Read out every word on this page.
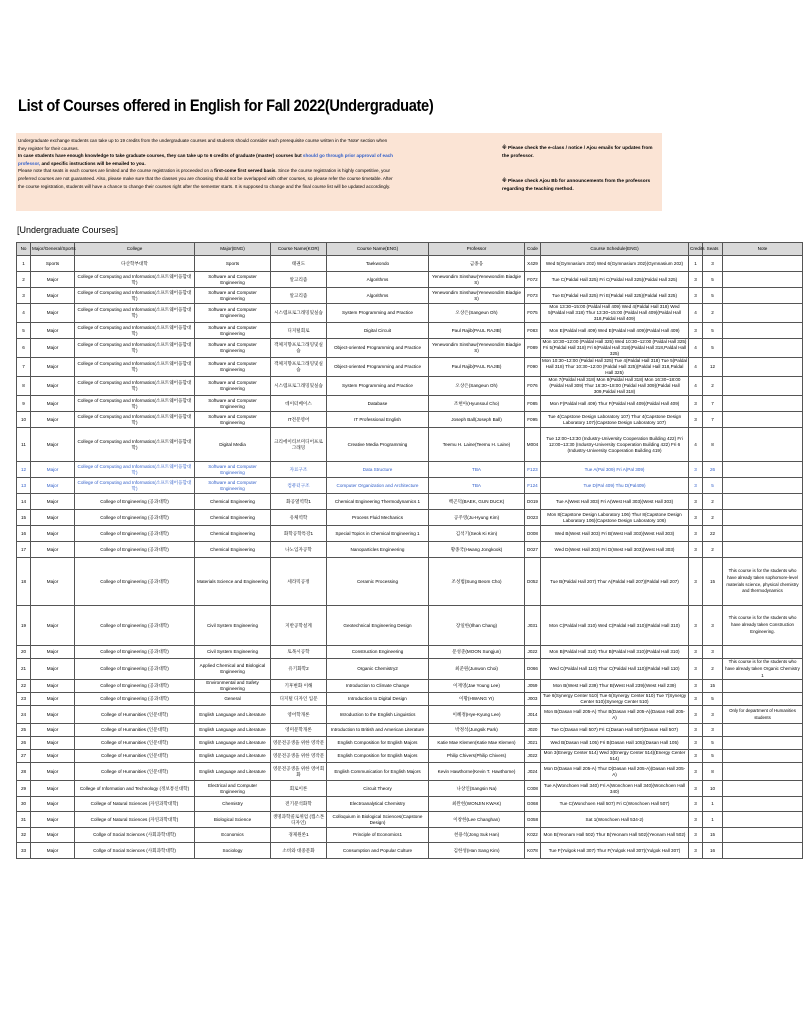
List of Courses offered in English for Fall 2022(Undergraduate)
Undergraduate exchange students can take up to 19 credits from the undergraduate courses and students should consider each prerequisite course written in the 'Note' section when they register for their courses.
In case students have enough knowledge to take graduate courses, they can take up to 6 credits of graduate (master) courses but should go through prior approval of each professor, and specific instructions will be emailed to you.
Please note that seats in each courses are limited and the course registration is proceeded on a first-come first served basis. Since the course registration is highly competitive, your preferred courses are not guaranteed. Also, please make sure that the classes you are choosing should not be overlapped with other courses, so please refer the course timetable. After the course registration, students will have a chance to change their courses right after the semester starts. It is supposed to change and the final course list will be updated accordingly.

※ Please check the e-class / notice / Ajou emails for updates from the professor.

※ Please check Ajou Bb for announcements from the professors regarding the teaching method.

[Undergraduate Courses]
No	Major/General/Sports	College	Major(ENG)	Course Name(KOR)	Course Name(ENG)	Professor	Code	Course Schedule(ENG)	Credits	Seats	Note
1	Sports	다산학부대학	Sports	태권도	Taekwondo	금종웅	X429	Wed 5(Gymnasium 202) Wed 6(Gymnasium 202)(Gymnasium 202)	1	3	
2	Major	College of Computing and Informatics(소프트웨어융합대학)	Software and Computer Engineering	알고리즘	Algorithms	Yenewondim Sinshaw(Yenewondim Biadgie S)	F072	Tue C(Paldal Hall 325) Fri C(Paldal Hall 325)(Paldal Hall 325)	3	5	
3	Major	College of Computing and Informatics(소프트웨어융합대학)	Software and Computer Engineering	알고리즘	Algorithms	Yenewondim Sinshaw(Yenewondim Biadgie S)	F073	Tue E(Paldal Hall 325) Fri E(Paldal Hall 325)(Paldal Hall 325)	3	5	
4	Major	College of Computing and Informatics(소프트웨어융합대학)	Software and Computer Engineering	시스템프로그래밍및실습	System Programming and Practice	오상은(Sangeun Oh)	F075	Mon 13:30~15:00 (Paldal Hall 409) Wed 4(Paldal Hall 318) Wed 5(Paldal Hall 318) Thur 13:30~15:00 (Paldal Hall 409)(Paldal Hall 318,Paldal Hall 409)	4	2	
5	Major	College of Computing and Informatics(소프트웨어융합대학)	Software and Computer Engineering	디지털회로	Digital Circuit	Paul Rajib(PAUL RAJIB)	F083	Mon E(Paldal Hall 409) Wed E(Paldal Hall 409)(Paldal Hall 409)	3	5	
6	Major	College of Computing and Informatics(소프트웨어융합대학)	Software and Computer Engineering	객체지향프로그래밍및실습	Object-oriented Programming and Practice	Yenewondim Sinshaw(Yenewondim Biadgie S)	F089	Mon 10:30~12:00 (Paldal Hall 325) Wed 10:30~12:00 (Paldal Hall 325) Fri 5(Paldal Hall 318) Fri 6(Paldal Hall 318)(Paldal Hall 318,Paldal Hall 325)	4	5	
7	Major	College of Computing and Informatics(소프트웨어융합대학)	Software and Computer Engineering	객체지향프로그래밍및실습	Object-oriented Programming and Practice	Paul Rajib(PAUL RAJIB)	F090	Mon 10:30~12:00 (Paldal Hall 325) Tue 4(Paldal Hall 318) Tue 5(Paldal Hall 318) Thur 10:30~12:00 (Paldal Hall 325)(Paldal Hall 318,Paldal Hall 325)	4	12	
8	Major	College of Computing and Informatics(소프트웨어융합대학)	Software and Computer Engineering	시스템프로그래밍및실습	System Programming and Practice	오상은(Sangeun Oh)	F076	Mon 7(Paldal Hall 318) Mon 8(Paldal Hall 318) Mon 16:30~18:00 (Paldal Hall 309) Thur 16:30~18:00 (Paldal Hall 309)(Paldal Hall 309,Paldal Hall 318)	4	2	
9	Major	College of Computing and Informatics(소프트웨어융합대학)	Software and Computer Engineering	데이터베이스	Database	조현아(Hyunsoul Cho)	F085	Mon F(Paldal Hall 409) Thur F(Paldal Hall 409)(Paldal Hall 409)	3	7	
10	Major	College of Computing and Informatics(소프트웨어융합대학)	Software and Computer Engineering	IT전문영어	IT Professional English	Joseph Ball(Joseph Ball)	F095	Tue 4(Capstone Design Laboratory 107) Thur 4(Capstone Design Laboratory 107)(Capstone Design Laboratory 107)	3	7	
11	Major	College of Computing and Informatics(소프트웨어융합대학)	Digital Media	크리에이티브미디어프로그래밍	Creative Media Programming	Teemu H. Laine(Teemu H. Laine)	M004	Tue 12:00~13:30 (Industry-University Cooperation Building 422) Fri 12:00~13:30 (Industry-University Cooperation Building 422) Fri 6 (Industry-University Cooperation Building 419)	4	8	
12	Major	College of Computing and Informatics(소프트웨어융합대학)	Software and Computer Engineering	자료구조	Data Structure	TBA	F123	Tue A(Pal 309) Fri A(Pal 309)	3	26	
13	Major	College of Computing and Informatics(소프트웨어융합대학)	Software and Computer Engineering	컴퓨터구조	Computer Organization and Architecture	TBA	F124	Tue D(Pal 409) Thu D(Pal409)	3	5	
14	Major	College of Engineering (공과대학)	Chemical Engineering	화공열역학1	Chemical Engineering Thermodynamics 1	백곤덕(BAEK, GUN DUCK)	D019	Tue A(West Hall 303) Fri A(West Hall 303)(West Hall 303)	3	2	
15	Major	College of Engineering (공과대학)	Chemical Engineering	유체역학	Process Fluid Mechanics	공주영(Ju-Hyung Kim)	D023	Mon 8(Capstone Design Laboratory 106) Thur 8(Capstone Design Laboratory 106)(Capstone Design Laboratory 106)	3	2	
16	Major	College of Engineering (공과대학)	Chemical Engineering	화학공학특강1	Special Topics in Chemical Engineering 1	김석기(Seok Ki Kim)	D008	Wed B(West Hall 303) Fri B(West Hall 303)(West Hall 303)	3	22	
17	Major	College of Engineering (공과대학)	Chemical Engineering	나노입자공학	Nanoparticles Engineering	황종국(Hwang Jongkook)	D027	Wed D(West Hall 303) Fri D(West Hall 303)(West Hall 303)	3	2	
18	Major	College of Engineering (공과대학)	Materials Science and Engineering	세라믹공정	Ceramic Processing	조성범(Sung Beom Cho)	D052	Tue B(Paldal Hall 207) Thur A(Paldal Hall 207)(Paldal Hall 207)	3	15	This course is for the students who have already taken sophomore-level materials science, physical chemistry and thermodynamics
19	Major	College of Engineering (공과대학)	Civil System Engineering	지반공학설계	Geotechnical Engineering Design	장일한(Ilhan Chang)	J031	Mon C(Paldal Hall 310) Wed C(Paldal Hall 310)(Paldal Hall 310)	3	3	This course is for the students who have already taken Construction Engineering.
20	Major	College of Engineering (공과대학)	Civil System Engineering	토목시공학	Construction Engineering	문성준(MOON Sungjun)	J022	Mon B(Paldal Hall 310) Thur B(Paldal Hall 310)(Paldal Hall 310)	3	3	
21	Major	College of Engineering (공과대학)	Applied Chemical and Biological Engineering	유기화학2	Organic Chemistry2	최준원(Junwon Choi)	D066	Wed C(Paldal Hall 110) Thur C(Paldal Hall 110)(Paldal Hall 110)	3	2	This course is for the students who have already taken Organic Chemistry 1
22	Major	College of Engineering (공과대학)	Environmental and Safety Engineering	기후변화 이해	Introduction to Climate Change	이재영(Jae Young Lee)	J059	Mon B(West Hall 239) Thur B(West Hall 239)(West Hall 239)	3	15	
23	Major	College of Engineering (공과대학)	General	디지털 디자인 입문	Introduction to Digital Design	이황(HWANG YI)	J003	Tue 6(Synergy Center 510) Tue 6(Synergy Center 510) Tue 7(Synergy Center 510)(Synergy Center 510)	3	5	
24	Major	College of Humanities (인문대학)	English Language and Literature	영어학개론	Introduction to the English Linguistics	이혜정(Hye-Kyung Lee)	J014	Mon B(Dasan Hall 205-A) Thur B(Dasan Hall 205-A)(Dasan Hall 205-A)	3	3	Only for department of Humanities students
25	Major	College of Humanities (인문대학)	English Language and Literature	영미문학개론	Introduction to British and American Literature	박정석(Jungsik Park)	J020	Tue C(Dasan Hall 507) Fri C(Dasan Hall 507)(Dasan Hall 507)	3	3	
26	Major	College of Humanities (인문대학)	English Language and Literature	영문전공생을 위한 영작문	English Composition for English Majors	Katie Mae Klemen(Katie Mae Klemen)	J021	Wed B(Dasan Hall 105) Fri B(Dasan Hall 105)(Dasan Hall 105)	3	5	
27	Major	College of Humanities (인문대학)	English Language and Literature	영문전공생을 위한 영작문	English Composition for English Majors	Philip Chivers(Philip Chivers)	J022	Mon 3(Energy Center 514) Wed 3(Energy Center 514)(Energy Center 514)	3	5	
28	Major	College of Humanities (인문대학)	English Language and Literature	영문전공생을 위한 영어회화	English Communication for English Majors	Kevin Hawthorne(Kevin T. Hawthorne)	J024	Mon D(Dasan Hall 205-A) Thur D(Dasan Hall 205-A)(Dasan Hall 205-A)	3	8	
29	Major	College of Information and Technology (정보통신대학)	Electrical and Computer Engineering	회로이론	Circuit Theory	나상인(Sangsin Na)	C008	Tue A(Wonchoen Hall 340) Fri A(Wonchoen Hall 340)(Wonchoen Hall 340)	3	10	
30	Major	College of Natural Sciences (자연과학대학)	Chemistry	전기분석화학	Electroanalytical Chemistry	최완헌(WONJIN KWAK)	G068	Tue C(Wonchoen Hall 507) Fri C(Wonchoen Hall 507)	3	1	
31	Major	College of Natural Sciences (자연과학대학)	Biological Science	생명과학콜로퀴엄 (캡스톤디자인)	Colloquium in Biological Sciences(Capstone Design)	이창한(Lee Changhan)	G058	Sat 1(Wonchoen Hall 534-2)	3	1	
32	Major	Collge of Social Sciences (사회과학대학)	Economics	경제원론1	Principle of Economics1	천용석(Jong Suk Han)	K022	Mon B(Yeonam Hall 502) Thur B(Yeonam Hall 502)(Yeonam Hall 502)	3	15	
33	Major	Collge of Social Sciences (사회과학대학)	Sociology	소비와 대중문화	Consumption and Popular Culture	김한성(Han Sang Kim)	K078	Tue F(Yulgok Hall 307) Thur F(Yulgok Hall 307)(Yulgok Hall 307)	3	16	
